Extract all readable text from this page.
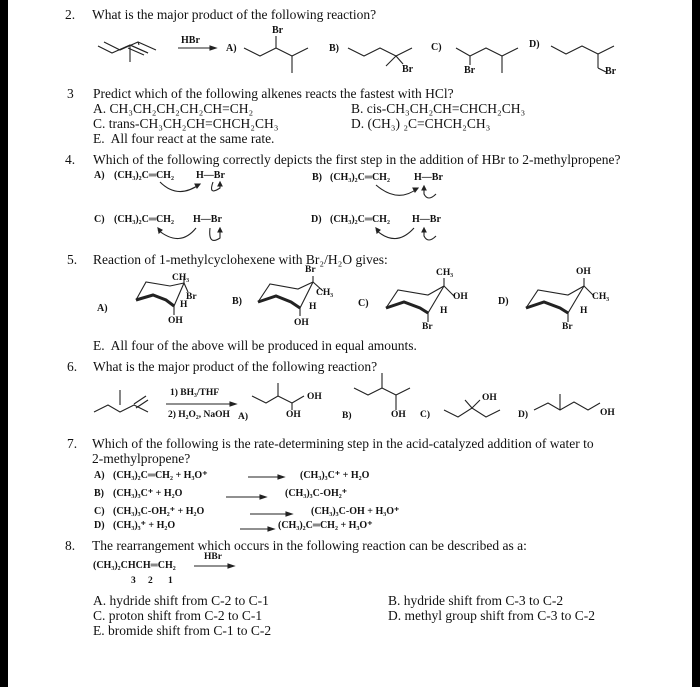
2. What is the major product of the following reaction?
HBr
A)
Br
B)
Br
C)
Br
D)
Br
3 Predict which of the following alkenes reacts the fastest with HCl?
A. CH₃CH₂CH₂CH₂CH=CH₂	B. cis-CH₃CH₂CH=CHCH₂CH₃
C. trans-CH₃CH₂CH=CHCH₂CH₃	D. (CH₃) ₂C=CHCH₂CH₃
E. All four react at the same rate.
4. Which of the following correctly depicts the first step in the addition of HBr to 2-methylpropene?
A) (CH₃)₂C═CH₂ H—Br	B) (CH₃)₂C═CH₂ H—Br
C) (CH₃)₂C═CH₂ H—Br	D) (CH₃)₂C═CH₂ H—Br
5. Reaction of 1-methylcyclohexene with Br₂/H₂O gives:
A)
CH₃
Br
H
OH
B)
Br
CH₃
H
OH
C)
CH₃
OH
H
Br
D)
OH
CH₃
H
Br
E. All four of the above will be produced in equal amounts.
6. What is the major product of the following reaction?
1) BH₃/THF
2) H₂O₂, NaOH A)
OH
OH	B)	OH C)
OH
D)	OH
7. Which of the following is the rate-determining step in the acid-catalyzed addition of water to
2-methylpropene?
A) (CH₃)₂C═CH₂ + H₃O⁺	(CH₃)₃C⁺ + H₂O
B) (CH₃)₃C⁺ + H₂O	(CH₃)₃C-OH₂⁺
C) (CH₃)₃C-OH₂⁺ + H₂O	(CH₃)₃C-OH + H₃O⁺
D) (CH₃)₃⁺ + H₂O	(CH₃)₂C═CH₂ + H₃O⁺
8. The rearrangement which occurs in the following reaction can be described as a:
(CH₃)₂CHCH═CH₂
HBr
3 2 1
A. hydride shift from C-2 to C-1	B. hydride shift from C-3 to C-2
C. proton shift from C-2 to C-1	D. methyl group shift from C-3 to C-2
E. bromide shift from C-1 to C-2
